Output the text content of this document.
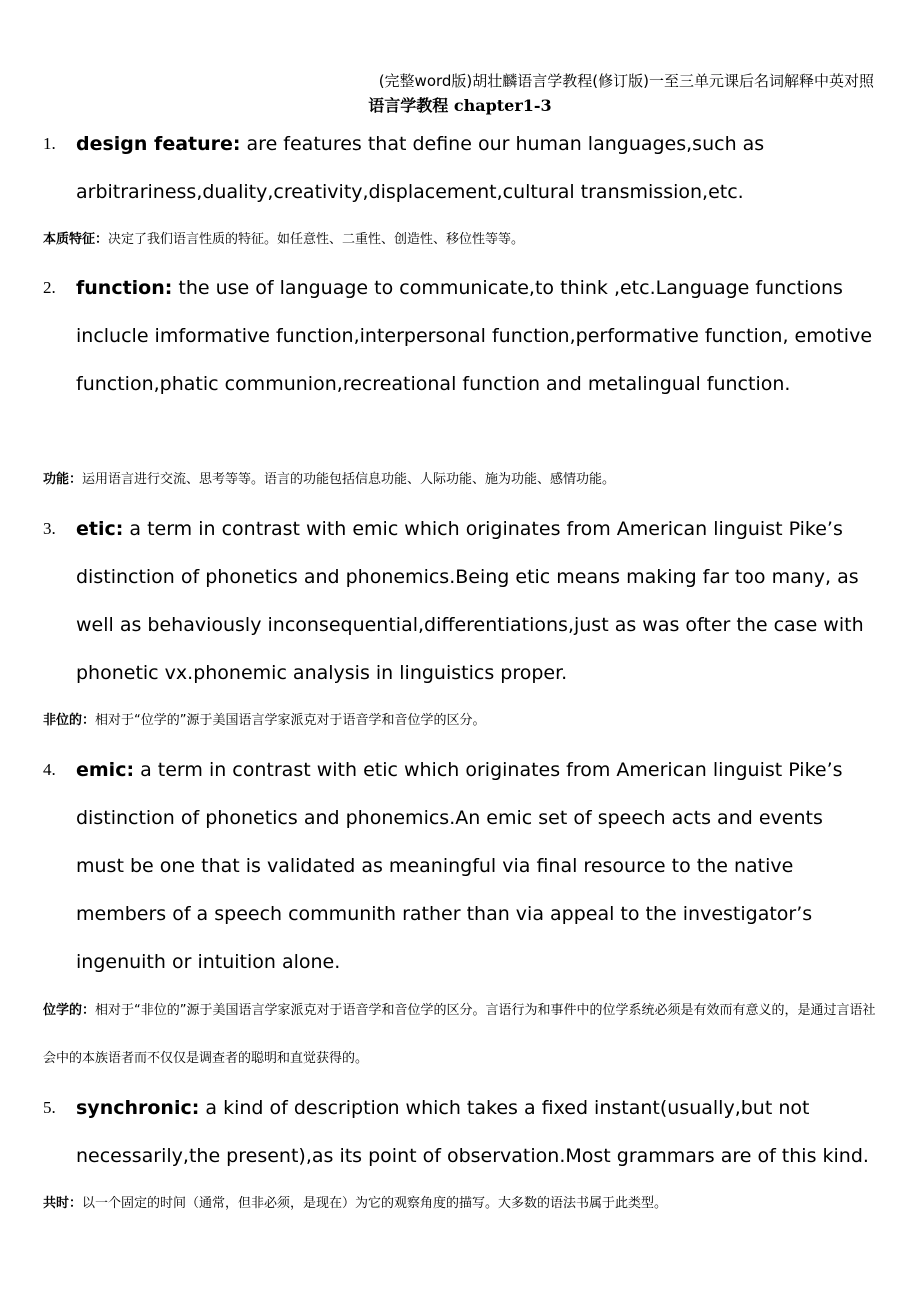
(完整word版)胡壮麟语言学教程(修订版)一至三单元课后名词解释中英对照
语言学教程 chapter1-3
1. design feature: are features that define our human languages,such as arbitrariness,duality,creativity,displacement,cultural transmission,etc.
本质特征：决定了我们语言性质的特征。如任意性、二重性、创造性、移位性等等。
2. function: the use of language to communicate,to think ,etc.Language functions inclucle imformative function,interpersonal function,performative function, emotive function,phatic communion,recreational function and metalingual function.
功能：运用语言进行交流、思考等等。语言的功能包括信息功能、人际功能、施为功能、感情功能。
3. etic: a term in contrast with emic which originates from American linguist Pike’s distinction of phonetics and phonemics.Being etic means making far too many, as well as behaviously inconsequential,differentiations,just as was ofter the case with phonetic vx.phonemic analysis in linguistics proper.
非位的：相对于“位学的”源于美国语言学家派克对于语音学和音位学的区分。
4. emic: a term in contrast with etic which originates from American linguist Pike’s distinction of phonetics and phonemics.An emic set of speech acts and events must be one that is validated as meaningful via final resource to the native members of a speech communith rather than via appeal to the investigator’s ingenuith or intuition alone.
位学的：相对于“非位的”源于美国语言学家派克对于语音学和音位学的区分。言语行为和事件中的位学系统必须是有效而有意义的，是通过言语社会中的本族语者而不仅仅是调查者的聪明和直觉获得的。
5. synchronic: a kind of description which takes a fixed instant(usually,but not necessarily,the present),as its point of observation.Most grammars are of this kind.
共时：以一个固定的时间（通常，但非必须，是现在）为它的观察角度的描写。大多数的语法书属于此类型。
